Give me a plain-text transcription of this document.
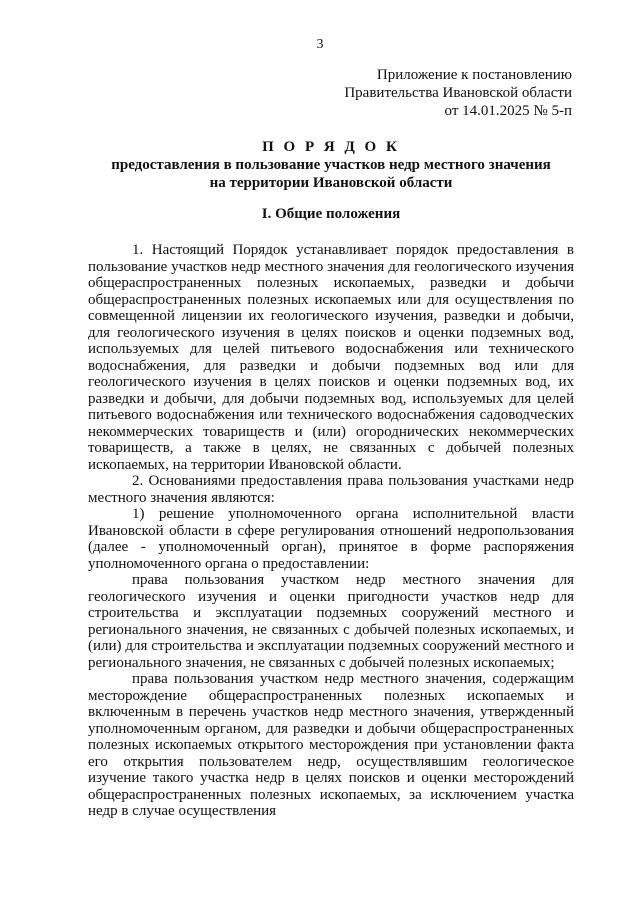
3
Приложение к постановлению
Правительства Ивановской области
от 14.01.2025 № 5-п
П О Р Я Д О К
предоставления в пользование участков недр местного значения
на территории Ивановской области
I. Общие положения

1. Настоящий Порядок устанавливает порядок предоставления в пользование участков недр местного значения для геологического изучения общераспространенных полезных ископаемых, разведки и добычи общераспространенных полезных ископаемых или для осуществления по совмещенной лицензии их геологического изучения, разведки и добычи, для геологического изучения в целях поисков и оценки подземных вод, используемых для целей питьевого водоснабжения или технического водоснабжения, для разведки и добычи подземных вод или для геологического изучения в целях поисков и оценки подземных вод, их разведки и добычи, для добычи подземных вод, используемых для целей питьевого водоснабжения или технического водоснабжения садоводческих некоммерческих товариществ и (или) огороднических некоммерческих товариществ, а также в целях, не связанных с добычей полезных ископаемых, на территории Ивановской области.

2. Основаниями предоставления права пользования участками недр местного значения являются:

1) решение уполномоченного органа исполнительной власти Ивановской области в сфере регулирования отношений недропользования (далее - уполномоченный орган), принятое в форме распоряжения уполномоченного органа о предоставлении:

права пользования участком недр местного значения для геологического изучения и оценки пригодности участков недр для строительства и эксплуатации подземных сооружений местного и регионального значения, не связанных с добычей полезных ископаемых, и (или) для строительства и эксплуатации подземных сооружений местного и регионального значения, не связанных с добычей полезных ископаемых;

права пользования участком недр местного значения, содержащим месторождение общераспространенных полезных ископаемых и включенным в перечень участков недр местного значения, утвержденный уполномоченным органом, для разведки и добычи общераспространенных полезных ископаемых открытого месторождения при установлении факта его открытия пользователем недр, осуществлявшим геологическое изучение такого участка недр в целях поисков и оценки месторождений общераспространенных полезных ископаемых, за исключением участка недр в случае осуществления
